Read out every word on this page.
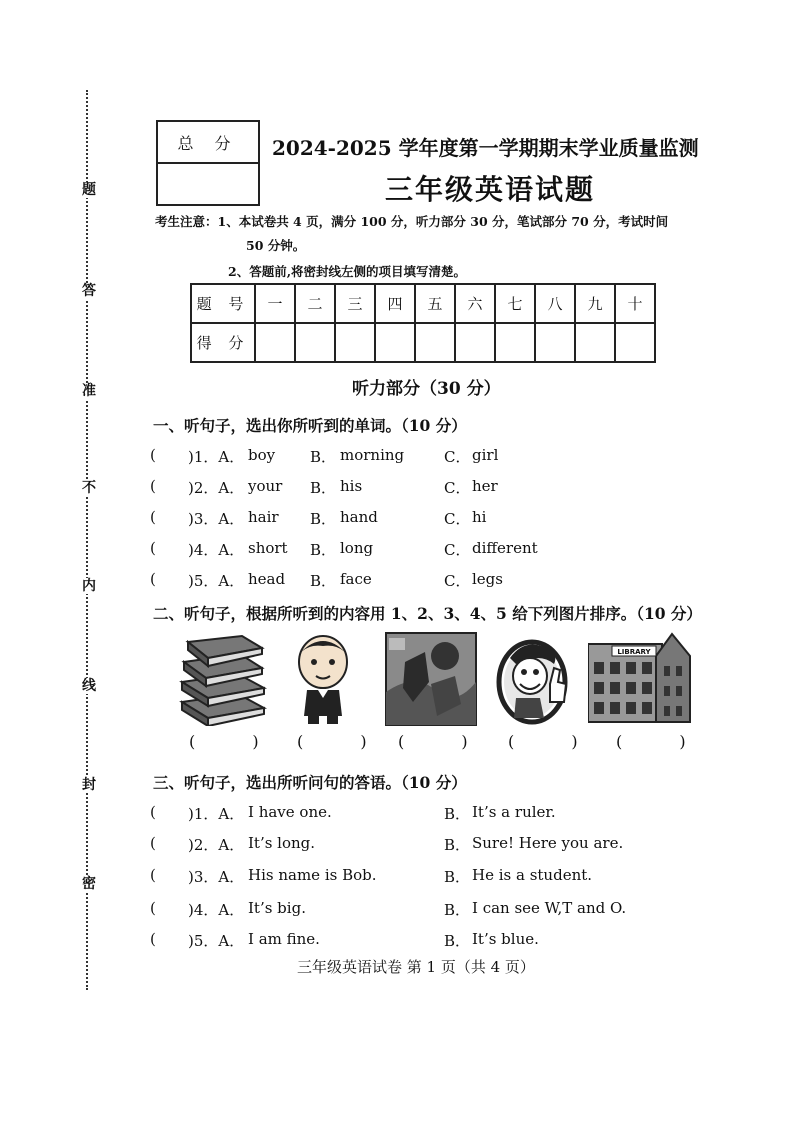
题
答
准
不
内
线
封
密
总 分	2024-2025 学年度第一学期期末学业质量监测
三年级英语试题
考生注意：1、本试卷共 4 页，满分 100 分，听力部分 30 分，笔试部分 70 分，考试时间
50 分钟。
2、答题前,将密封线左侧的项目填写清楚。
题 号	一	二	三	四	五	六	七	八	九	十
得 分										
听力部分（30 分）
一、听句子，选出你所听到的单词。（10 分）
( )1．A． boy B． morning	C． girl
( )2．A． your B． his	C． her
( )3．A． hair B． hand	C． hi
( )4．A． short B． long	C． different
( )5．A． head B． face	C． legs
二、听句子，根据所听到的内容用 1、2、3、4、5 给下列图片排序。（10 分）
LIBRARY
( ) ( ) ( ) ( ) ( )
三、听句子，选出所听问句的答语。（10 分）
( )1．A． I have one.	B． It’s a ruler.
( )2．A． It’s long.	B． Sure! Here you are.
( )3．A． His name is Bob.	B． He is a student.
( )4．A． It’s big.	B． I can see W,T and O.
( )5．A． I am fine.	B． It’s blue.
三年级英语试卷 第 1 页（共 4 页）
